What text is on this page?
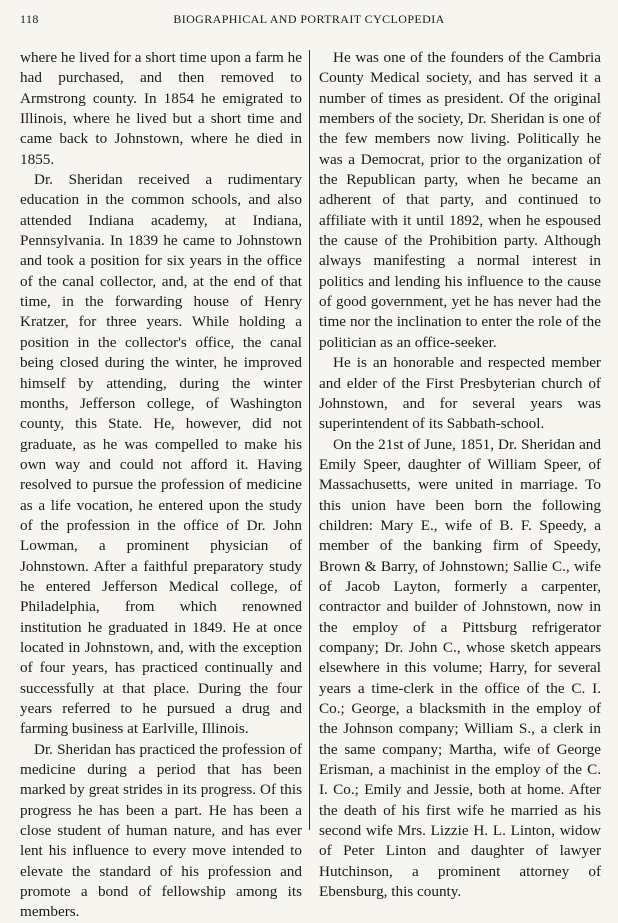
118	BIOGRAPHICAL AND PORTRAIT CYCLOPEDIA

where he lived for a short time upon a farm he had purchased, and then removed to Armstrong county. In 1854 he emigrated to Illinois, where he lived but a short time and came back to Johnstown, where he died in 1855.

Dr. Sheridan received a rudimentary education in the common schools, and also attended Indiana academy, at Indiana, Pennsylvania. In 1839 he came to Johnstown and took a position for six years in the office of the canal collector, and, at the end of that time, in the forwarding house of Henry Kratzer, for three years. While holding a position in the collector's office, the canal being closed during the winter, he improved himself by attending, during the winter months, Jefferson college, of Washington county, this State. He, however, did not graduate, as he was compelled to make his own way and could not afford it. Having resolved to pursue the profession of medicine as a life vocation, he entered upon the study of the profession in the office of Dr. John Lowman, a prominent physician of Johnstown. After a faithful preparatory study he entered Jefferson Medical college, of Philadelphia, from which renowned institution he graduated in 1849. He at once located in Johnstown, and, with the exception of four years, has practiced continually and successfully at that place. During the four years referred to he pursued a drug and farming business at Earlville, Illinois.

Dr. Sheridan has practiced the profession of medicine during a period that has been marked by great strides in its progress. Of this progress he has been a part. He has been a close student of human nature, and has ever lent his influence to every move intended to elevate the standard of his profession and promote a bond of fellowship among its members.

He was one of the founders of the Cambria County Medical society, and has served it a number of times as president. Of the original members of the society, Dr. Sheridan is one of the few members now living. Politically he was a Democrat, prior to the organization of the Republican party, when he became an adherent of that party, and continued to affiliate with it until 1892, when he espoused the cause of the Prohibition party. Although always manifesting a normal interest in politics and lending his influence to the cause of good government, yet he has never had the time nor the inclination to enter the role of the politician as an office-seeker.

He is an honorable and respected member and elder of the First Presbyterian church of Johnstown, and for several years was superintendent of its Sabbath-school.

On the 21st of June, 1851, Dr. Sheridan and Emily Speer, daughter of William Speer, of Massachusetts, were united in marriage. To this union have been born the following children: Mary E., wife of B. F. Speedy, a member of the banking firm of Speedy, Brown & Barry, of Johnstown; Sallie C., wife of Jacob Layton, formerly a carpenter, contractor and builder of Johnstown, now in the employ of a Pittsburg refrigerator company; Dr. John C., whose sketch appears elsewhere in this volume; Harry, for several years a time-clerk in the office of the C. I. Co.; George, a blacksmith in the employ of the Johnson company; William S., a clerk in the same company; Martha, wife of George Erisman, a machinist in the employ of the C. I. Co.; Emily and Jessie, both at home. After the death of his first wife he married as his second wife Mrs. Lizzie H. L. Linton, widow of Peter Linton and daughter of lawyer Hutchinson, a prominent attorney of Ebensburg, this county.
